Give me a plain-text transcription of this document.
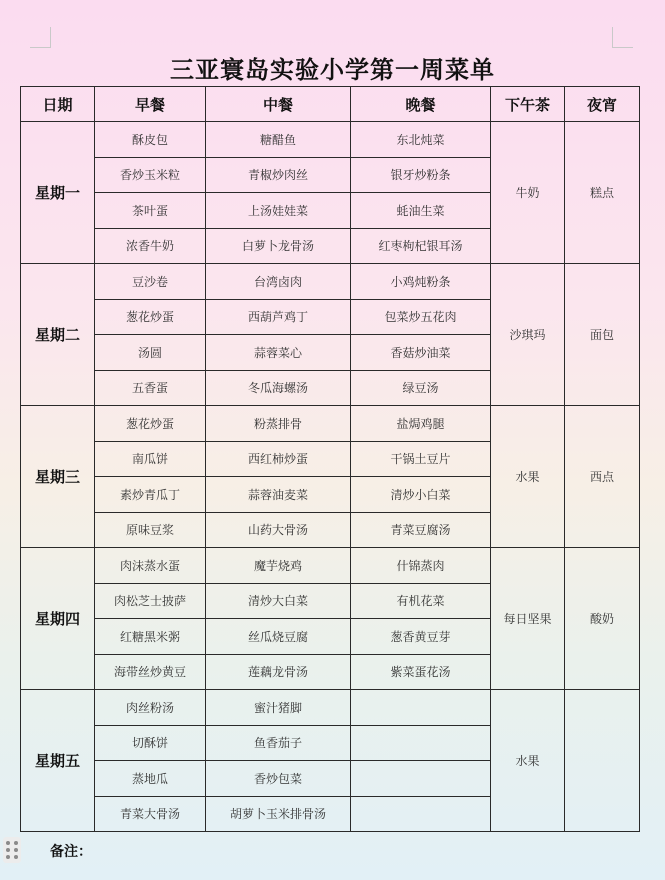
三亚寰岛实验小学第一周菜单
日期	早餐	中餐	晚餐	下午茶	夜宵
星期一	酥皮包	糖醋鱼	东北炖菜	牛奶	糕点
	香炒玉米粒	青椒炒肉丝	银牙炒粉条		
	茶叶蛋	上汤娃娃菜	蚝油生菜		
	浓香牛奶	白萝卜龙骨汤	红枣枸杞银耳汤		
星期二	豆沙卷	台湾卤肉	小鸡炖粉条	沙琪玛	面包
	葱花炒蛋	西葫芦鸡丁	包菜炒五花肉		
	汤圆	蒜蓉菜心	香菇炒油菜		
	五香蛋	冬瓜海螺汤	绿豆汤		
星期三	葱花炒蛋	粉蒸排骨	盐焗鸡腿	水果	西点
	南瓜饼	西红柿炒蛋	干锅土豆片		
	素炒青瓜丁	蒜蓉油麦菜	清炒小白菜		
	原味豆浆	山药大骨汤	青菜豆腐汤		
星期四	肉沫蒸水蛋	魔芋烧鸡	什锦蒸肉	每日坚果	酸奶
	肉松芝士披萨	清炒大白菜	有机花菜		
	红糖黑米粥	丝瓜烧豆腐	葱香黄豆芽		
	海带丝炒黄豆	莲藕龙骨汤	紫菜蛋花汤		
星期五	肉丝粉汤	蜜汁猪脚		水果	
	切酥饼	鱼香茄子			
	蒸地瓜	香炒包菜			
	青菜大骨汤	胡萝卜玉米排骨汤			
备注：
